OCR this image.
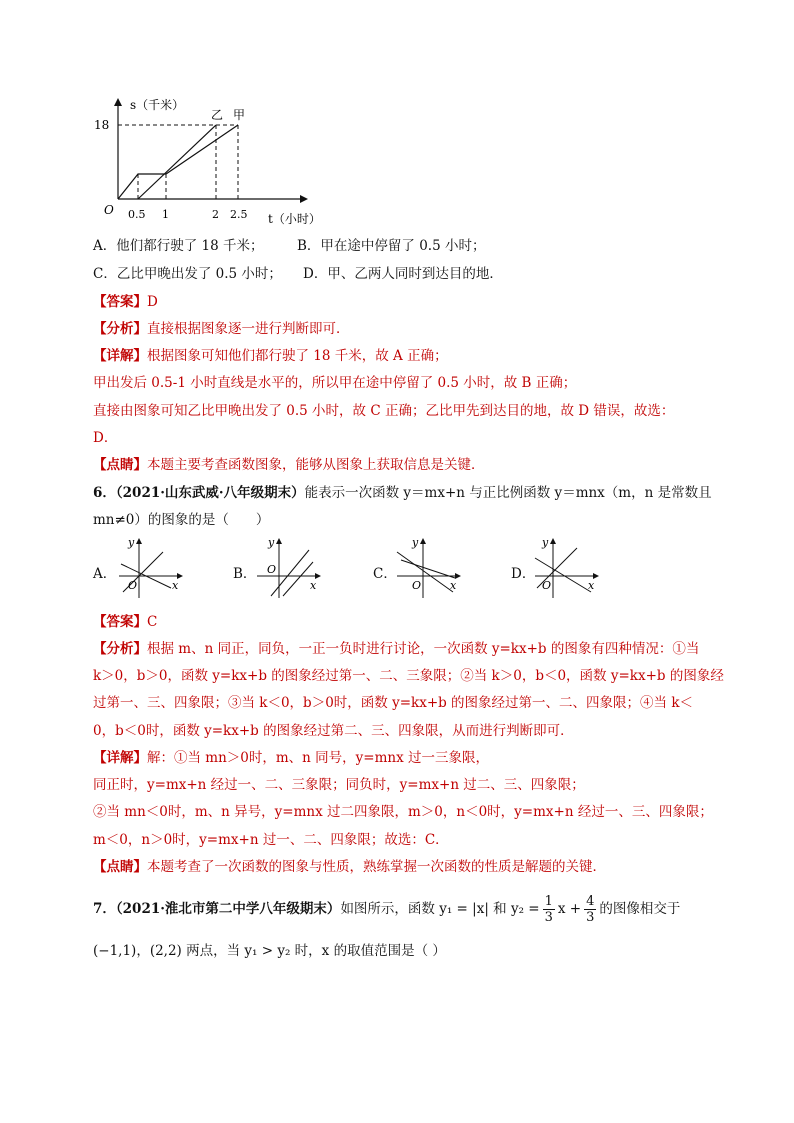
s（千米）
18
O 0.5 1	2 2.5 t（小时）
乙 甲
A．他们都行驶了 18 千米； B．甲在途中停留了 0.5 小时；
C．乙比甲晚出发了 0.5 小时； D．甲、乙两人同时到达目的地．
【答案】D
【分析】直接根据图象逐一进行判断即可．
【详解】根据图象可知他们都行驶了 18 千米，故 A 正确；
甲出发后 0.5-1 小时直线是水平的，所以甲在途中停留了 0.5 小时，故 B 正确；
直接由图象可知乙比甲晚出发了 0.5 小时，故 C 正确；乙比甲先到达目的地，故 D 错误，故选：
D．
【点睛】本题主要考查函数图象，能够从图象上获取信息是关键．
6．（2021·山东武威·八年级期末）能表示一次函数 y＝mx+n 与正比例函数 y＝mnx（m，n 是常数且
mn≠0）的图象的是（　　）
A．
y
x
O
B．
y
x
O	C．
y
x
O
D．
y
x
O
【答案】C
【分析】根据 m、n 同正，同负，一正一负时进行讨论，一次函数 y=kx+b 的图象有四种情况：①当
k＞0，b＞0，函数 y=kx+b 的图象经过第一、二、三象限；②当 k＞0，b＜0，函数 y=kx+b 的图象经
过第一、三、四象限；③当 k＜0，b＞0时，函数 y=kx+b 的图象经过第一、二、四象限；④当 k＜
0，b＜0时，函数 y=kx+b 的图象经过第二、三、四象限，从而进行判断即可．
【详解】解：①当 mn＞0时，m、n 同号，y=mnx 过一三象限，
同正时，y=mx+n 经过一、二、三象限；同负时，y=mx+n 过二、三、四象限；
②当 mn＜0时，m、n 异号，y=mnx 过二四象限，m＞0，n＜0时，y=mx+n 经过一、三、四象限；
m＜0，n＞0时，y=mx+n 过一、二、四象限；故选：C．
【点睛】本题考查了一次函数的图象与性质，熟练掌握一次函数的性质是解题的关键．
7．（2021·淮北市第二中学八年级期末）如图所示，函数 y₁ = |x| 和 $y_2 = \frac{1}{3}$ $x + \frac{4}{3}$ 的图像相交于
(−1,1)，(2,2) 两点，当 y₁ > y₂ 时，x 的取值范围是（ ）
